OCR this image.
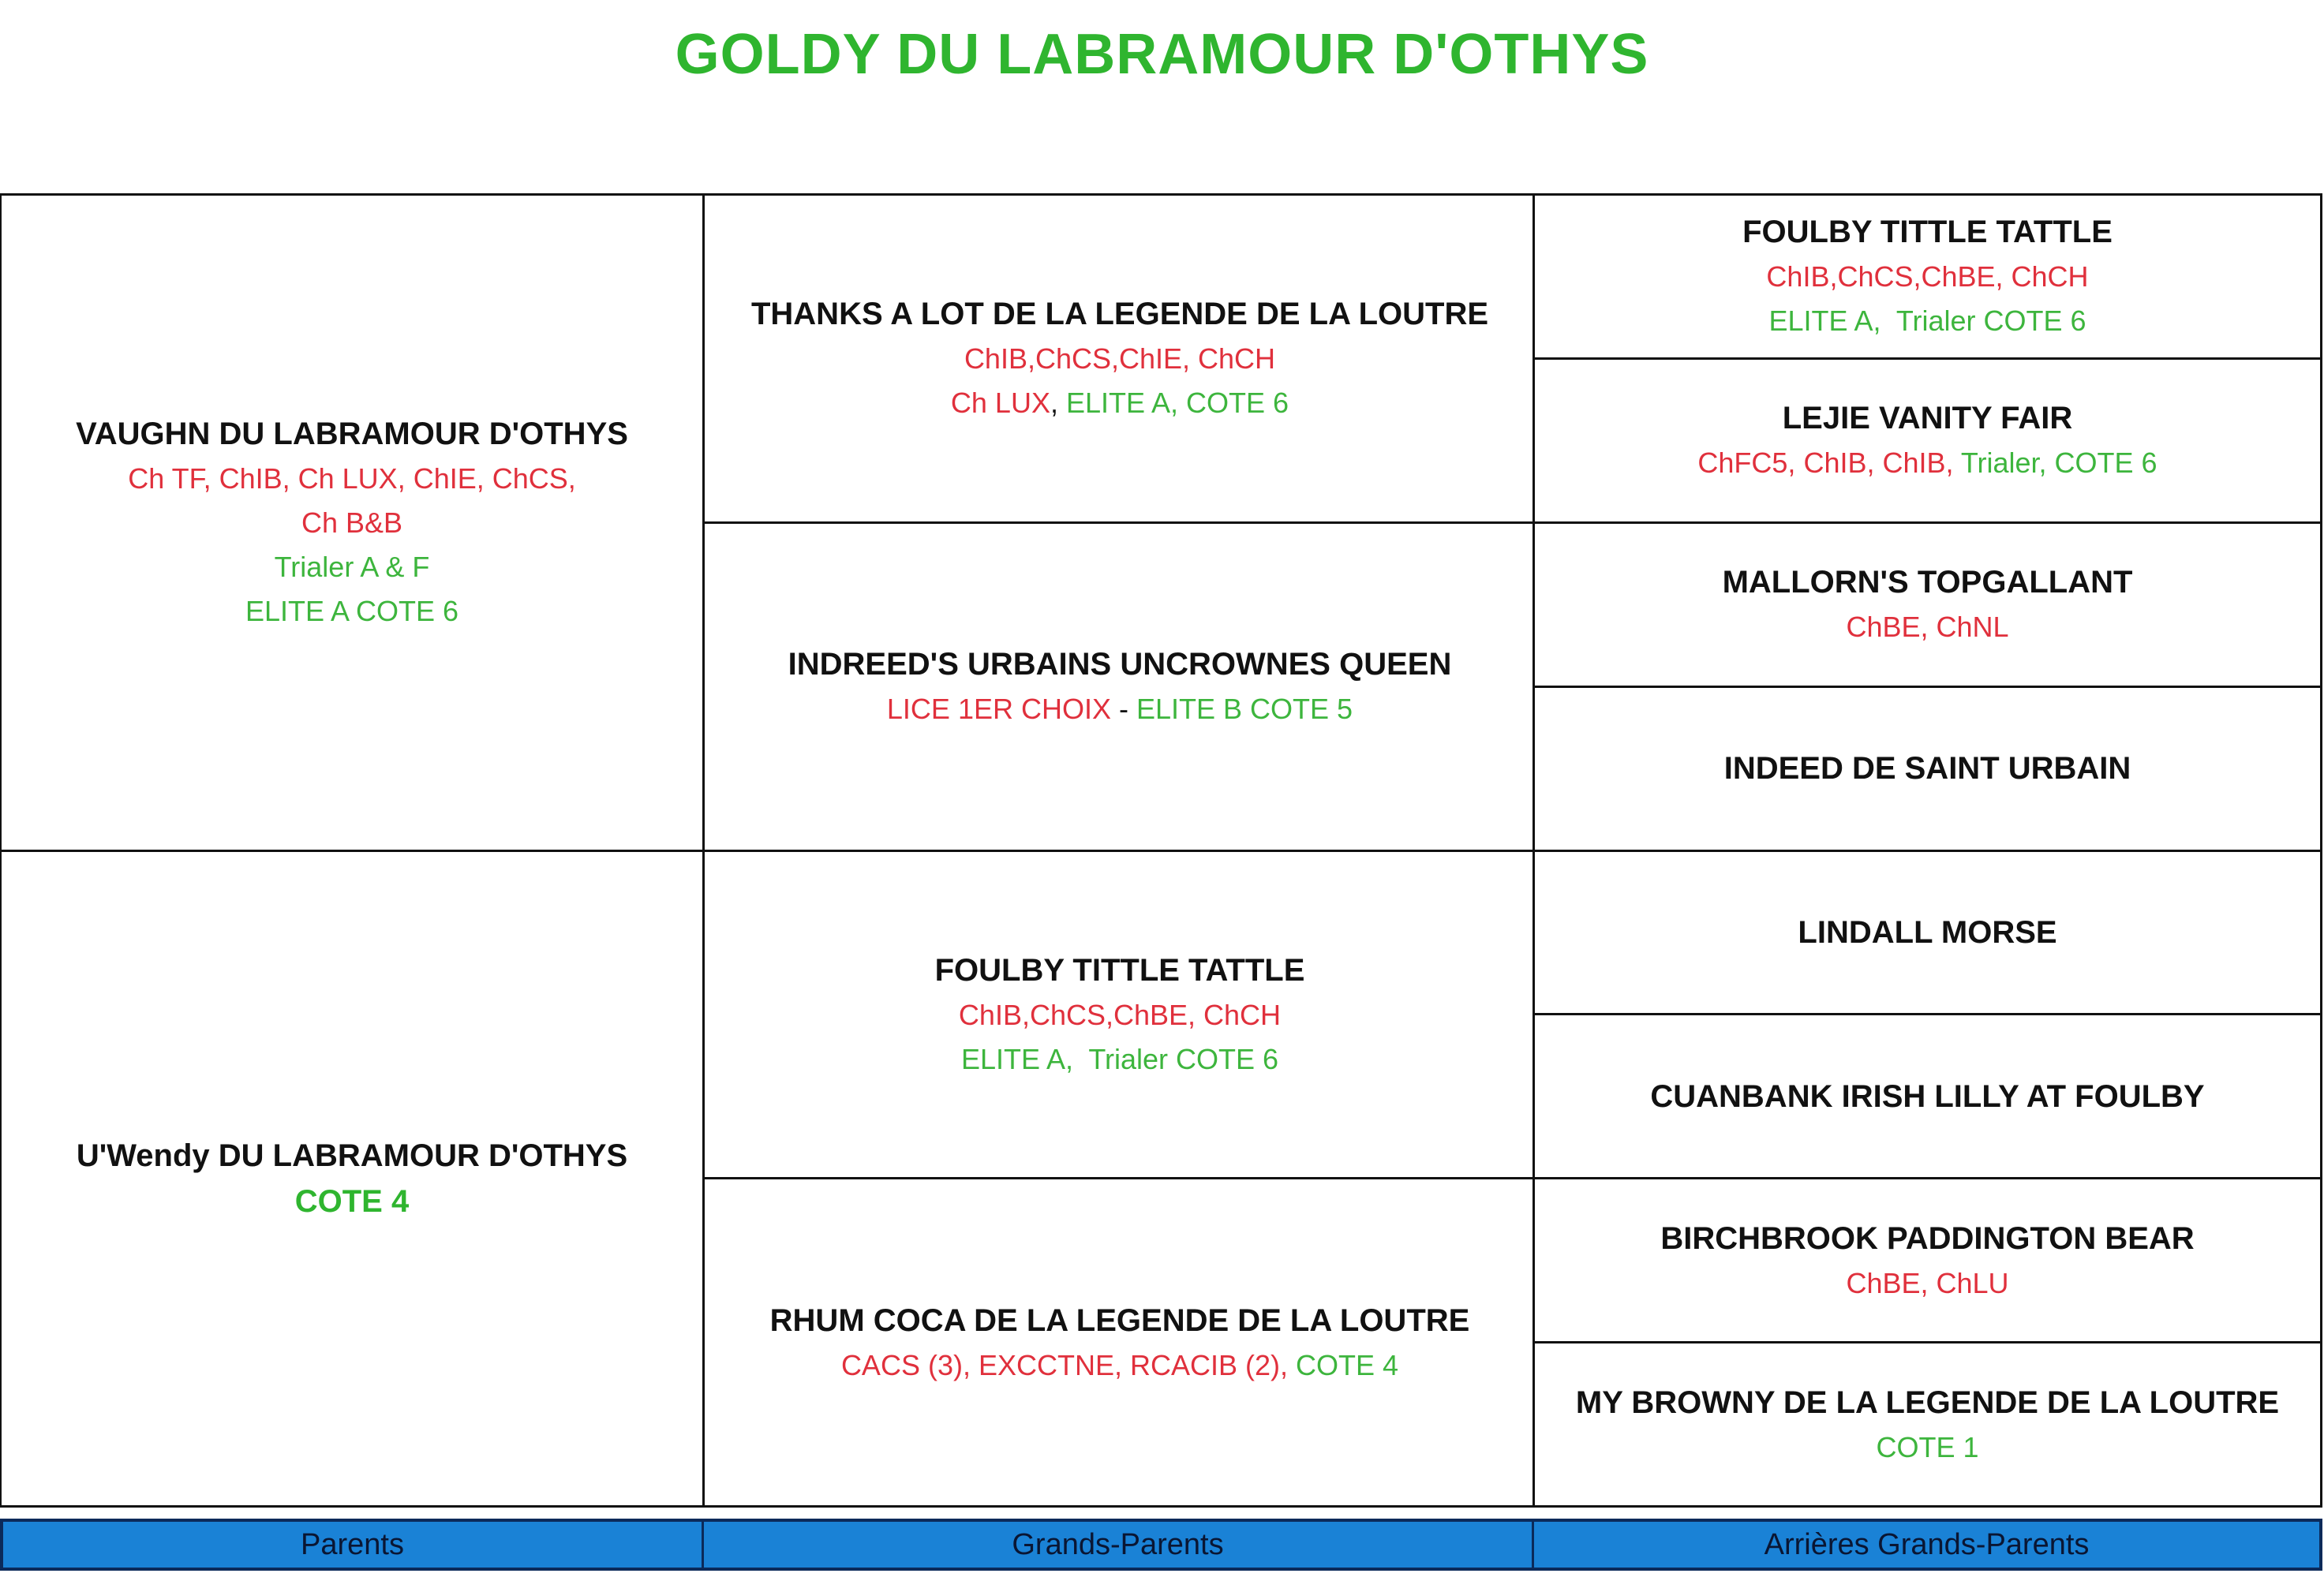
GOLDY DU LABRAMOUR D'OTHYS
VAUGHN DU LABRAMOUR D'OTHYS
Ch TF, ChIB, Ch LUX, ChIE, ChCS,
Ch B&B
Trialer A & F
ELITE A COTE 6
U'Wendy DU LABRAMOUR D'OTHYS
COTE 4
THANKS A LOT DE LA LEGENDE DE LA LOUTRE
ChIB,ChCS,ChIE, ChCH
Ch LUX, ELITE A, COTE 6
INDREED'S URBAINS UNCROWNES QUEEN
LICE 1ER CHOIX - ELITE B COTE 5
FOULBY TITTLE TATTLE
ChIB,ChCS,ChBE, ChCH
ELITE A,  Trialer COTE 6
RHUM COCA DE LA LEGENDE DE LA LOUTRE
CACS (3), EXCCTNE, RCACIB (2), COTE 4
FOULBY TITTLE TATTLE
ChIB,ChCS,ChBE, ChCH
ELITE A,  Trialer COTE 6
LEJIE VANITY FAIR
ChFC5, ChIB, ChIB, Trialer, COTE 6
MALLORN'S TOPGALLANT
ChBE, ChNL
INDEED DE SAINT URBAIN
LINDALL MORSE
CUANBANK IRISH LILLY AT FOULBY
BIRCHBROOK PADDINGTON BEAR
ChBE, ChLU
MY BROWNY DE LA LEGENDE DE LA LOUTRE
COTE 1
Parents	Grands-Parents	Arrières Grands-Parents
